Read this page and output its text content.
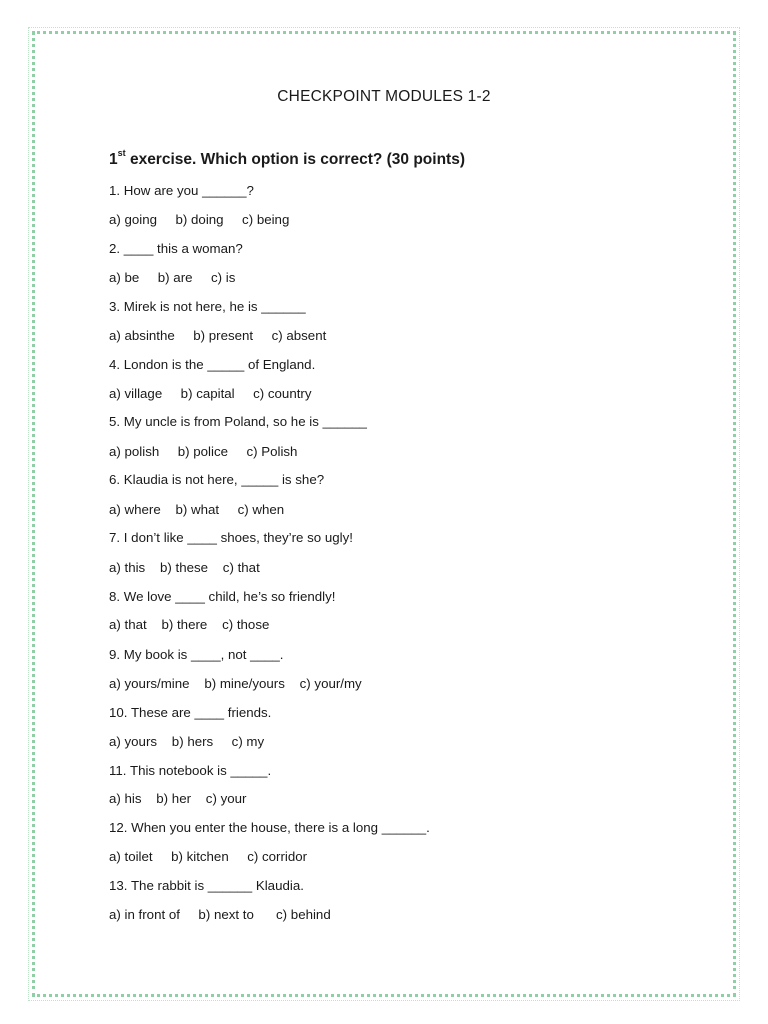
CHECKPOINT MODULES 1-2
1st exercise. Which option is correct? (30 points)
1. How are you ______?
a) going     b) doing     c) being
2. ____ this a woman?
a) be     b) are     c) is
3. Mirek is not here, he is ______
a) absinthe     b) present     c) absent
4. London is the _____ of England.
a) village     b) capital     c) country
5. My uncle is from Poland, so he is ______
a) polish     b) police     c) Polish
6. Klaudia is not here, _____ is she?
a) where    b) what     c) when
7. I don’t like ____ shoes, they’re so ugly!
a) this    b) these    c) that
8. We love ____ child, he’s so friendly!
a) that    b) there    c) those
9. My book is ____, not ____.
a) yours/mine    b) mine/yours    c) your/my
10. These are ____ friends.
a) yours    b) hers     c) my
11. This notebook is _____.
a) his    b) her    c) your
12. When you enter the house, there is a long ______.
a) toilet     b) kitchen     c) corridor
13. The rabbit is ______ Klaudia.
a) in front of     b) next to      c) behind
